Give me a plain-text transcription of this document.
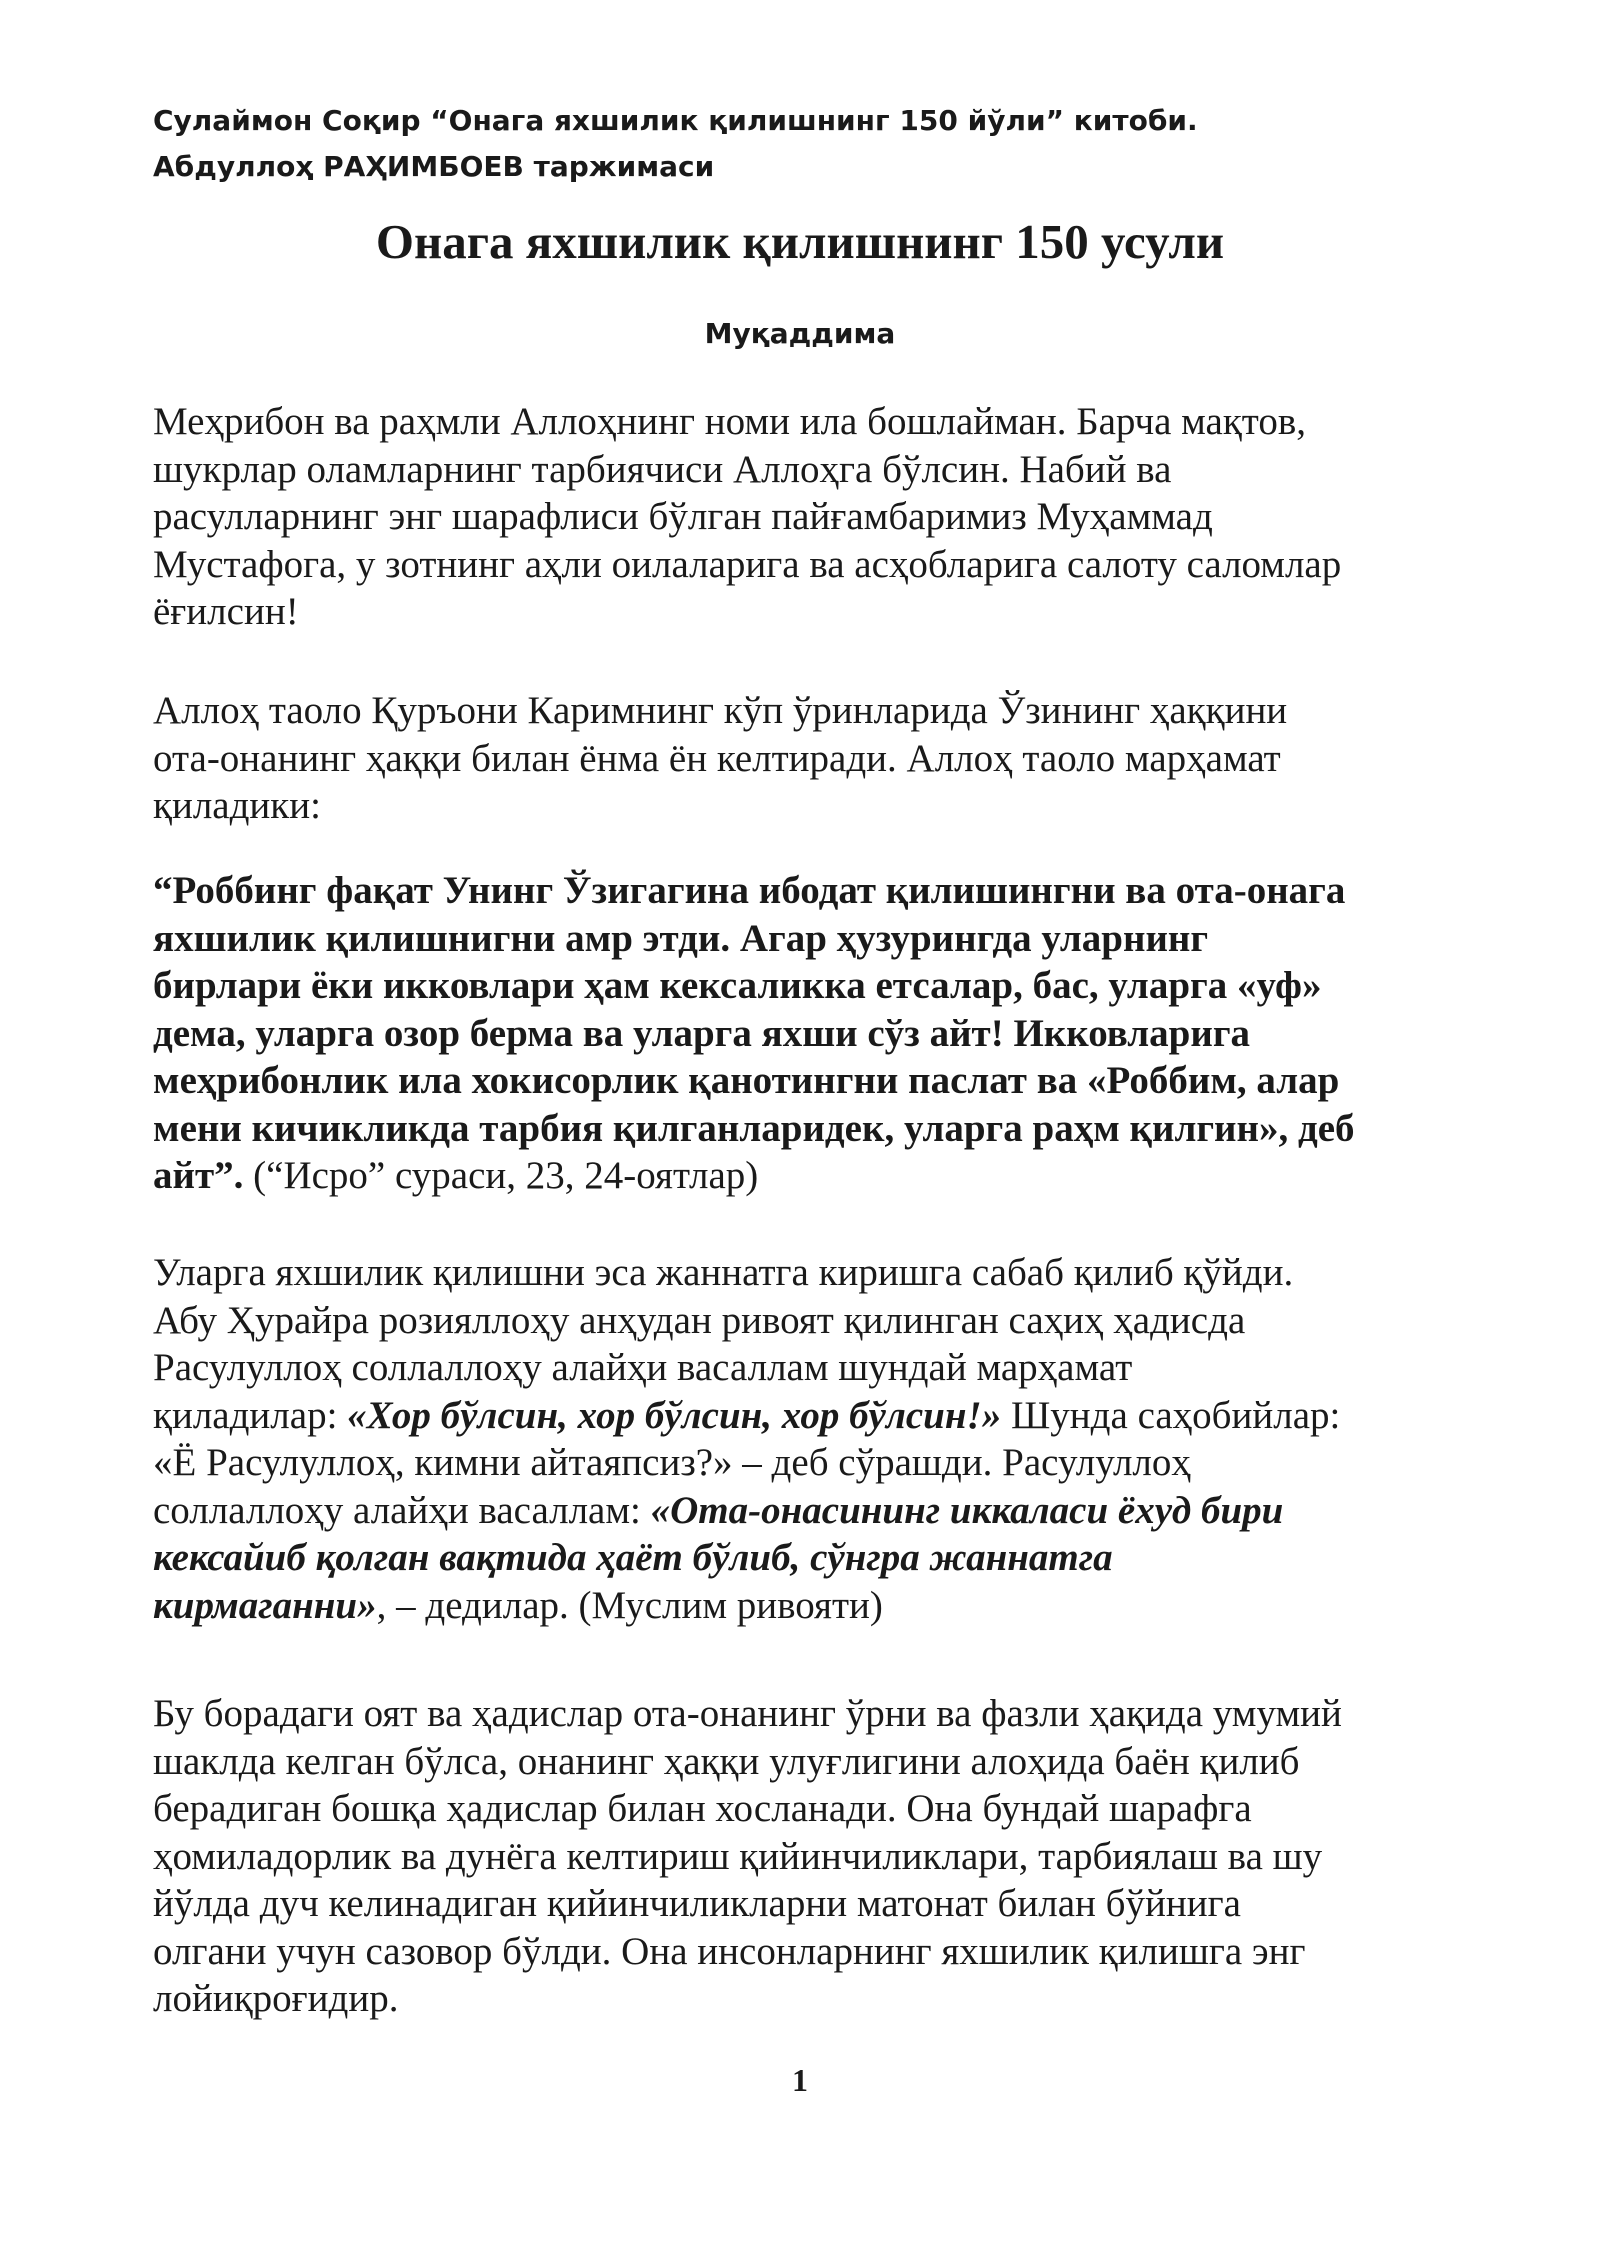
Сулаймон Соқир “Онага яхшилик қилишнинг 150 йўли” китоби.
Абдуллоҳ РАҲИМБОЕВ таржимаси
Онага яхшилик қилишнинг 150 усули
Муқаддима
Меҳрибон ва раҳмли Аллоҳнинг номи ила бошлайман. Барча мақтов,
шукрлар оламларнинг тарбиячиси Аллоҳга бўлсин. Набий ва
расулларнинг энг шарафлиси бўлган пайғамбаримиз Муҳаммад
Мустафога, у зотнинг аҳли оилаларига ва асҳобларига салоту саломлар
ёғилсин!
Аллоҳ таоло Қуръони Каримнинг кўп ўринларида Ўзининг ҳаққини
ота-онанинг ҳаққи билан ёнма ён келтиради. Аллоҳ таоло марҳамат
қиладики:
“Роббинг фақат Унинг Ўзигагина ибодат қилишингни ва ота-онага
яхшилик қилишнигни амр этди. Агар ҳузурингда уларнинг
бирлари ёки икковлари ҳам кексаликка етсалар, бас, уларга «уф»
дема, уларга озор берма ва уларга яхши сўз айт! Икковларига
меҳрибонлик ила хокисорлик қанотингни паслат ва «Роббим, алар
мени кичикликда тарбия қилганларидек, уларга раҳм қилгин», деб
айт”. (“Исро” сураси, 23, 24-оятлар)
Уларга яхшилик қилишни эса жаннатга киришга сабаб қилиб қўйди.
Абу Ҳурайра розияллоҳу анҳудан ривоят қилинган саҳиҳ ҳадисда
Расулуллоҳ соллаллоҳу алайҳи васаллам шундай марҳамат
қиладилар: «Хор бўлсин, хор бўлсин, хор бўлсин!» Шунда саҳобийлар:
«Ё Расулуллоҳ, кимни айтаяпсиз?» – деб сўрашди. Расулуллоҳ
соллаллоҳу алайҳи васаллам: «Ота-онасининг иккаласи ёхуд бири
кексайиб қолган вақтида ҳаёт бўлиб, сўнгра жаннатга
кирмаганни», – дедилар. (Муслим ривояти)
Бу борадаги оят ва ҳадислар ота-онанинг ўрни ва фазли ҳақида умумий
шаклда келган бўлса, онанинг ҳаққи улуғлигини алоҳида баён қилиб
берадиган бошқа ҳадислар билан хосланади. Она бундай шарафга
ҳомиладорлик ва дунёга келтириш қийинчиликлари, тарбиялаш ва шу
йўлда дуч келинадиган қийинчиликларни матонат билан бўйнига
олгани учун сазовор бўлди. Она инсонларнинг яхшилик қилишга энг
лойиқроғидир.
1
